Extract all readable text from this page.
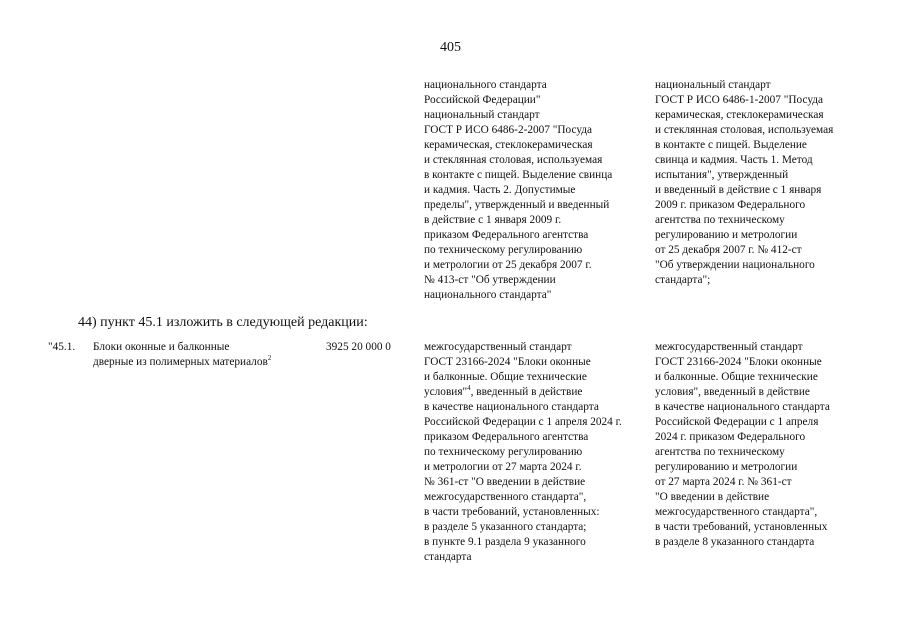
405
национального стандарта
Российской Федерации"
национальный стандарт
ГОСТ Р ИСО 6486-2-2007 "Посуда
керамическая, стеклокерамическая
и стеклянная столовая, используемая
в контакте с пищей. Выделение свинца
и кадмия. Часть 2. Допустимые
пределы", утвержденный и введенный
в действие с 1 января 2009 г.
приказом Федерального агентства
по техническому регулированию
и метрологии от 25 декабря 2007 г.
№ 413-ст "Об утверждении
национального стандарта"
национальный стандарт
ГОСТ Р ИСО 6486-1-2007 "Посуда
керамическая, стеклокерамическая
и стеклянная столовая, используемая
в контакте с пищей. Выделение
свинца и кадмия. Часть 1. Метод
испытания", утвержденный
и введенный в действие с 1 января
2009 г. приказом Федерального
агентства по техническому
регулированию и метрологии
от 25 декабря 2007 г. № 412-ст
"Об утверждении национального
стандарта";
44) пункт 45.1 изложить в следующей редакции:
"45.1. Блоки оконные и балконные
дверные из полимерных материалов$^2$
3925 20 000 0	межгосударственный стандарт
ГОСТ 23166-2024 "Блоки оконные
и балконные. Общие технические
условия"$^4$, введенный в действие
в качестве национального стандарта
Российской Федерации с 1 апреля 2024 г.
приказом Федерального агентства
по техническому регулированию
и метрологии от 27 марта 2024 г.
№ 361-ст "О введении в действие
межгосударственного стандарта",
в части требований, установленных:
в разделе 5 указанного стандарта;
в пункте 9.1 раздела 9 указанного
стандарта
межгосударственный стандарт
ГОСТ 23166-2024 "Блоки оконные
и балконные. Общие технические
условия", введенный в действие
в качестве национального стандарта
Российской Федерации с 1 апреля
2024 г. приказом Федерального
агентства по техническому
регулированию и метрологии
от 27 марта 2024 г. № 361-ст
"О введении в действие
межгосударственного стандарта",
в части требований, установленных
в разделе 8 указанного стандарта
